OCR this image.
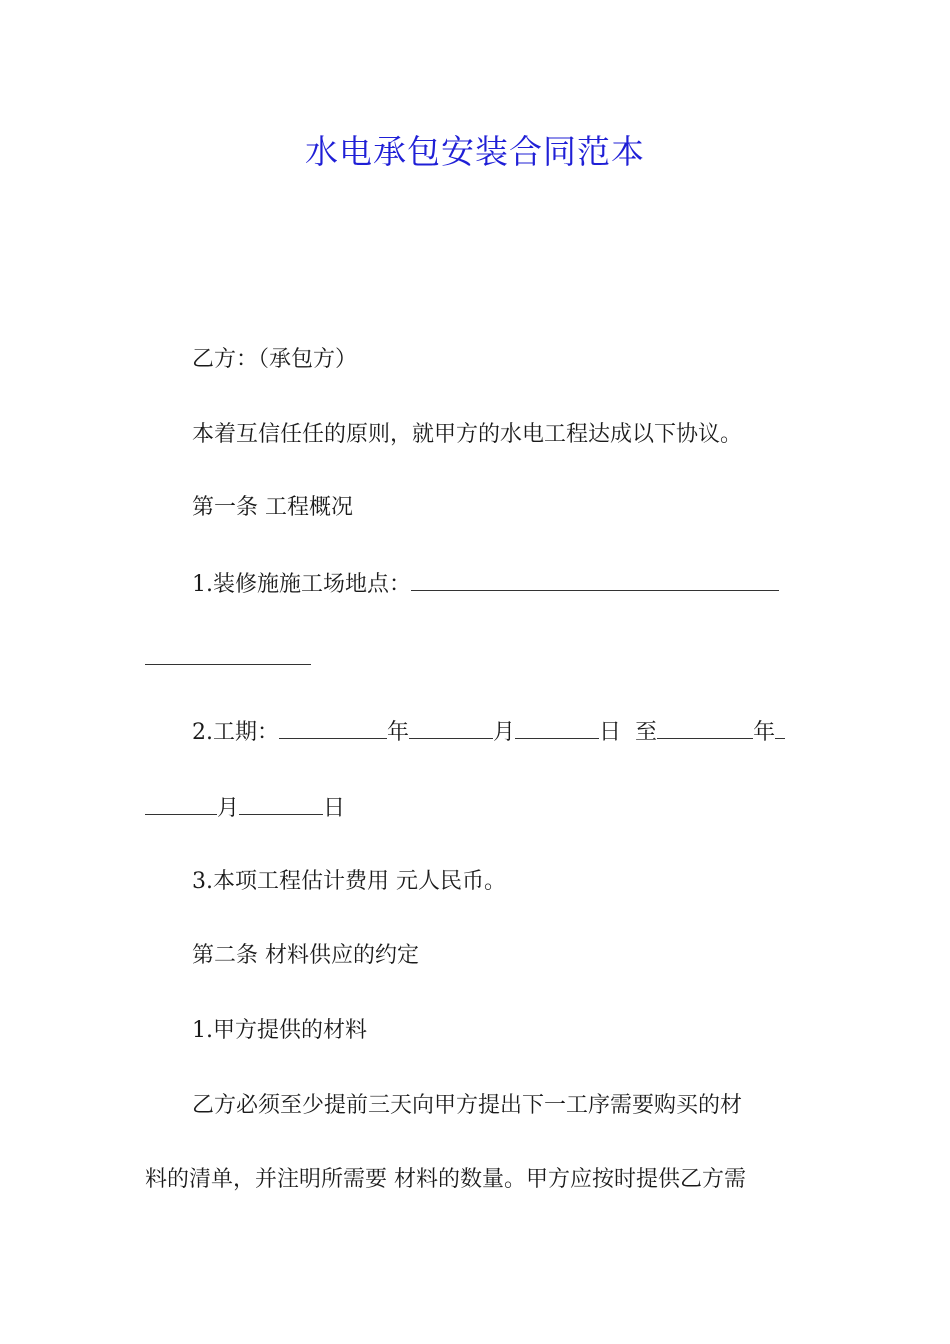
水电承包安装合同范本
乙方：（承包方）
本着互信任任的原则，就甲方的水电工程达成以下协议。
第一条 工程概况
1.装修施施工场地点：
2.工期：	年	月	日 至	年
月	日
3.本项工程估计费用 元人民币。
第二条 材料供应的约定
1.甲方提供的材料
乙方必须至少提前三天向甲方提出下一工序需要购买的材
料的清单，并注明所需要 材料的数量。甲方应按时提供乙方需
